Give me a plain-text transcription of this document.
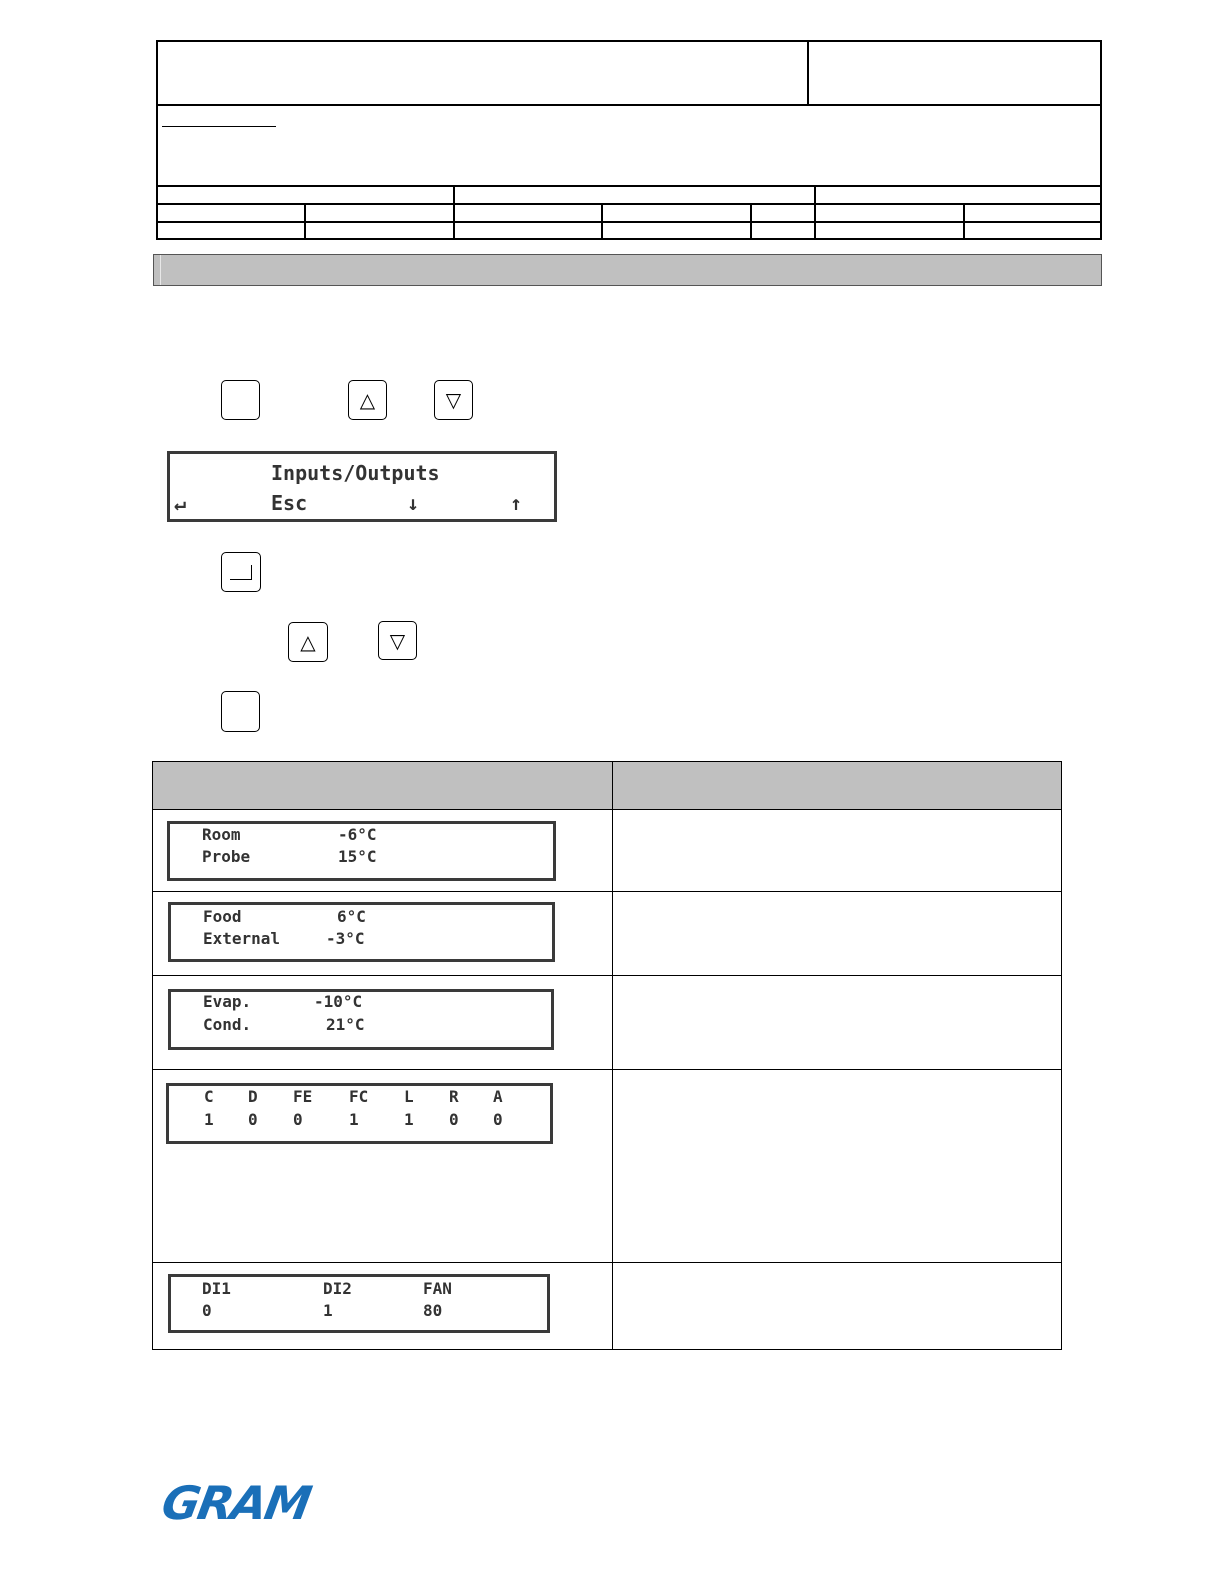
△	▽
Inputs/Outputs
↵	Esc	↓	↑
△	▽
Room	-6°C
Probe	15°C
Food	6°C
External	-3°C
Evap.	-10°C
Cond.	21°C
C D FE FC L R A
1 0 0	1	1 0 0
DI1	DI2	FAN
0	1	80
GRAM
